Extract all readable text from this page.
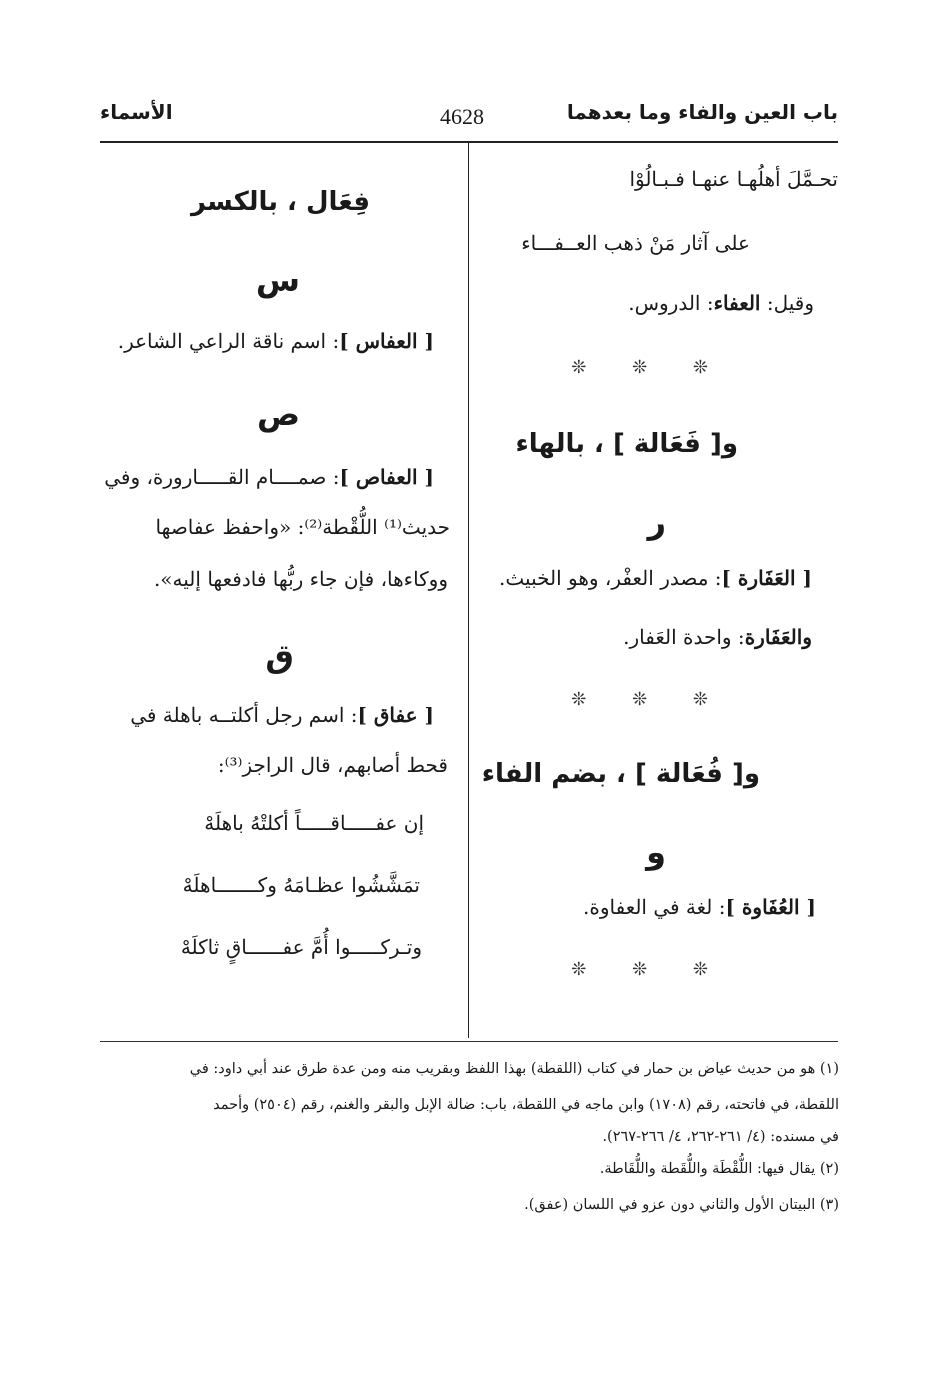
الأسماء	4628	باب العين والفاء وما بعدهما
تحـمَّلَ أهلُهـا عنهـا فـبـالُوْا
على آثار مَنْ ذهب العــفـــاء
وقيل: العفاء: الدروس.
❊ ❊ ❊
و[ فَعَالة ] ، بالهاء
ر
[ العَفَارة ]: مصدر العفْر، وهو الخبيث.
والعَفَارة: واحدة العَفار.
❊ ❊ ❊
و[ فُعَالة ] ، بضم الفاء
و
[ العُفَاوة ]: لغة في العفاوة.
❊ ❊ ❊
فِعَال ، بالكسر
س
[ العفاس ]: اسم ناقة الراعي الشاعر.
ص
[ العفاص ]: صمــــام القـــــارورة، وفي
حديث⁽¹⁾ اللُّقْطة⁽²⁾: «واحفظ عفاصها
ووكاءها، فإن جاء ربُّها فادفعها إليه».
ق
[ عفاق ]: اسم رجل أكلتــه باهلة في
قحط أصابهم، قال الراجز⁽³⁾:
إن عفـــــاقـــــاً أكلتْهُ باهلَهْ
تمَشَّشُوا عظـامَهُ وكـــــــاهلَهْ
وتـركـــــوا أُمَّ عفــــــاقٍ ثاكلَهْ
(١) هو من حديث عياض بن حمار في كتاب (اللقطة) بهذا اللفظ وبقريب منه ومن عدة طرق عند أبي داود: في
اللقطة، في فاتحته، رقم (١٧٠٨) وابن ماجه في اللقطة، باب: ضالة الإبل والبقر والغنم، رقم (٢٥٠٤) وأحمد
في مسنده: (٤/ ٢٦١-٢٦٢، ٤/ ٢٦٦-٢٦٧).
(٢) يقال فيها: اللُّقْطَة واللُّقَطة واللُّقَاطة.
(٣) البيتان الأول والثاني دون عزو في اللسان (عفق).
